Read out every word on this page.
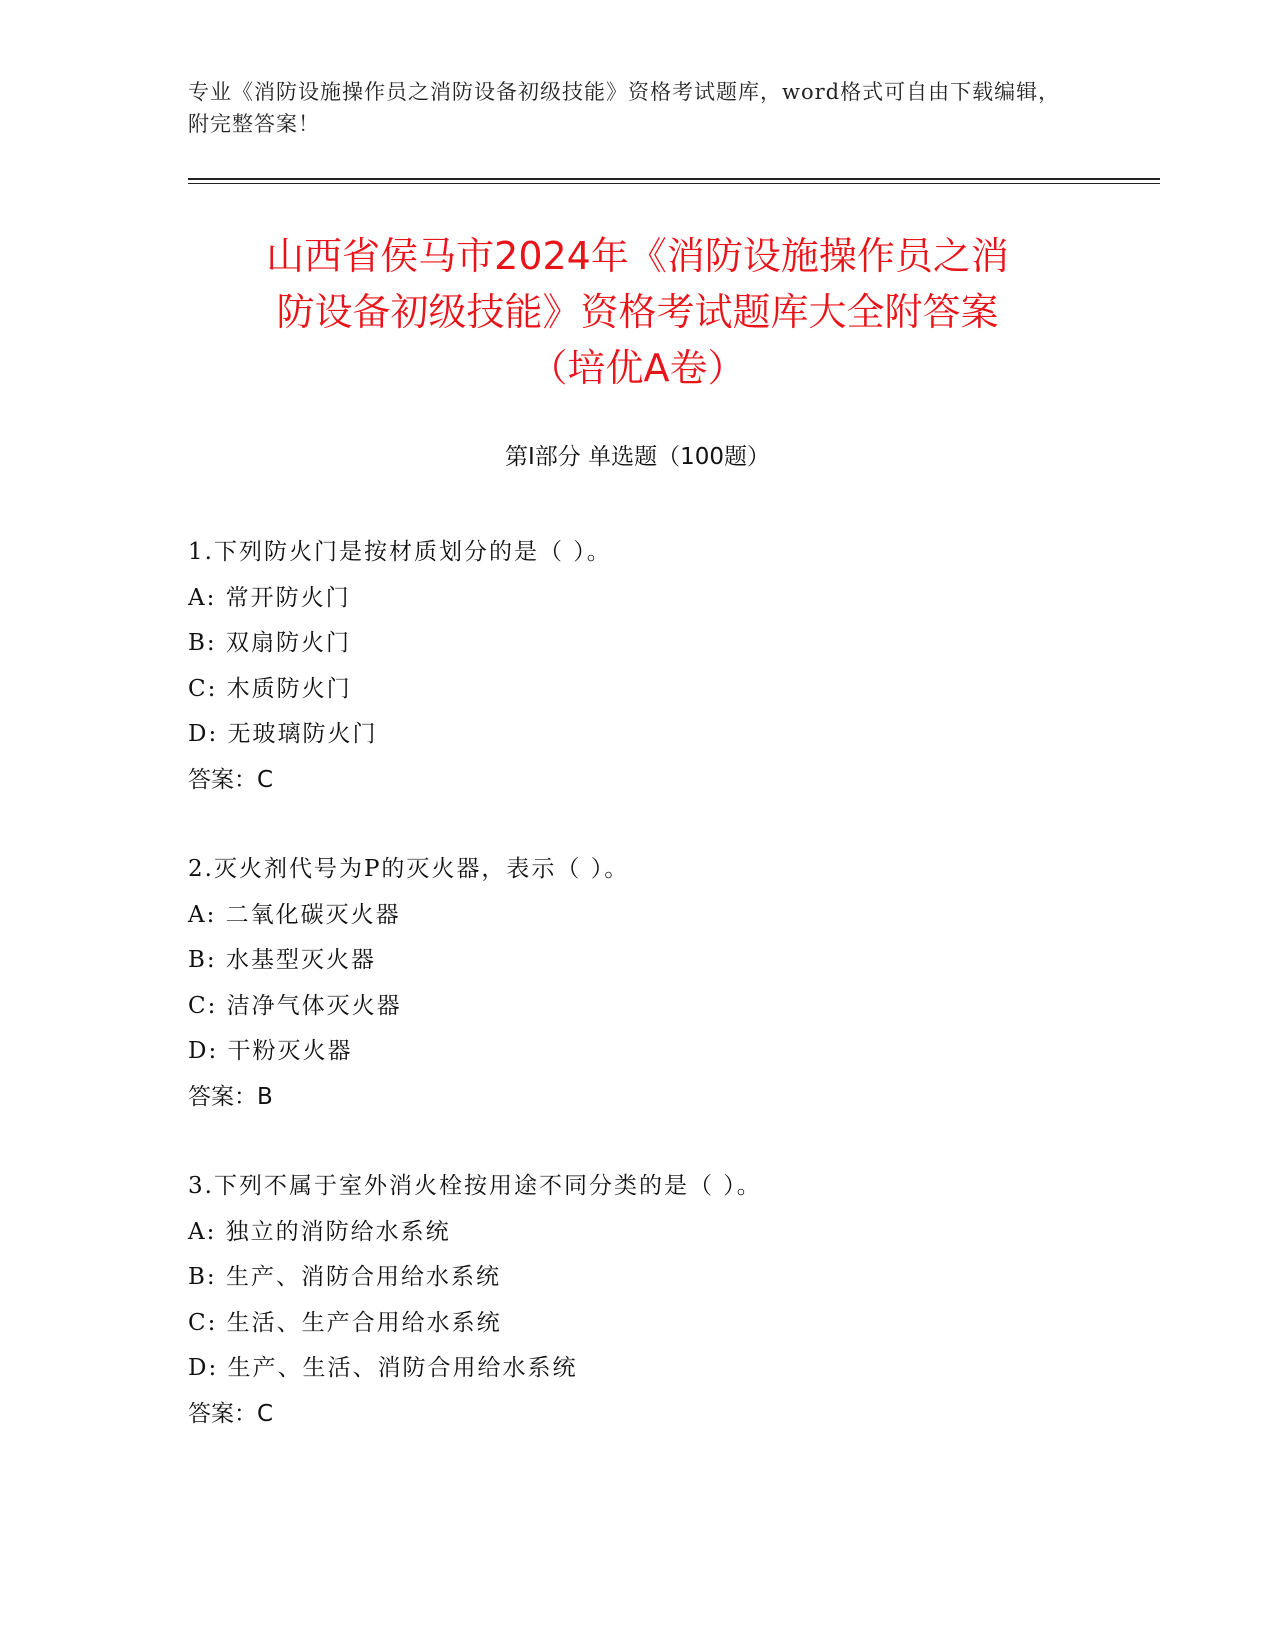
专业《消防设施操作员之消防设备初级技能》资格考试题库，word格式可自由下载编辑，附完整答案！
山西省侯马市2024年《消防设施操作员之消
防设备初级技能》资格考试题库大全附答案
（培优A卷）
第Ⅰ部分 单选题（100题）
1.下列防火门是按材质划分的是（ ）。
A: 常开防火门
B: 双扇防火门
C: 木质防火门
D: 无玻璃防火门
答案：C
2.灭火剂代号为P的灭火器，表示（ ）。
A: 二氧化碳灭火器
B: 水基型灭火器
C: 洁净气体灭火器
D: 干粉灭火器
答案：B
3.下列不属于室外消火栓按用途不同分类的是（ ）。
A: 独立的消防给水系统
B: 生产、消防合用给水系统
C: 生活、生产合用给水系统
D: 生产、生活、消防合用给水系统
答案：C
